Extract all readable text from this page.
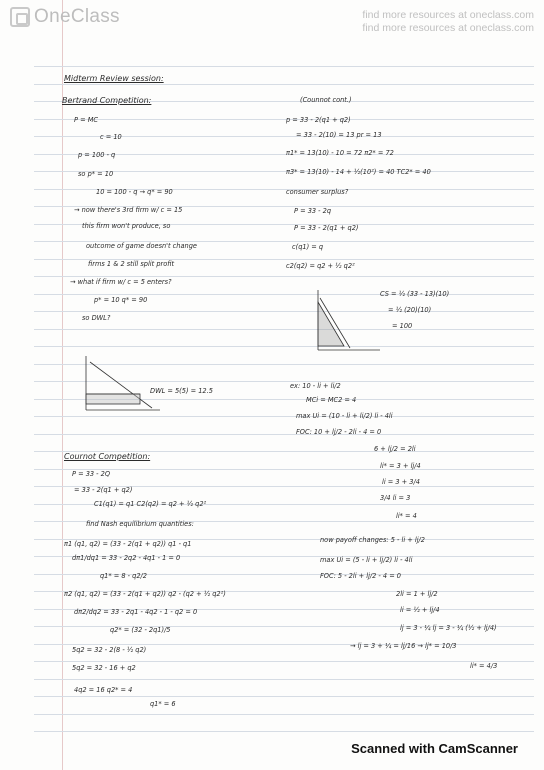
OneClass	find more resources at oneclass.com
find more resources at oneclass.com
Midterm Review session:
Bertrand Competition:	(Counnot cont.)
P = MC	p = 33 - 2(q1 + q2)
c = 10	= 33 - 2(10) = 13 pr = 13
p = 100 - q	π1* = 13(10) - 10 = 72 π2* = 72
so p* = 10	π3* = 13(10) - 14 + ½(10²) = 40 TC2* = 40
10 = 100 - q → q* = 90	consumer surplus?
→ now there's 3rd firm w/ c = 15	P = 33 - 2q
this firm won't produce, so	P = 33 - 2(q1 + q2)
outcome of game doesn't change	c(q1) = q
firms 1 & 2 still split profit	c2(q2) = q2 + ½ q2²
→ what if firm w/ c = 5 enters?
CS = ½ (33 - 13)(10)
p* = 10 q* = 90
= ½ (20)(10)
so DWL?
= 100
DWL = 5(5) = 12.5
ex: 10 - li + li/2
MCi = MC2 = 4
max Ui = (10 - li + li/2) li - 4li
FOC: 10 + lj/2 - 2li - 4 = 0
Cournot Competition:
6 + lj/2 = 2li
P = 33 - 2Q
li* = 3 + lj/4
= 33 - 2(q1 + q2)
li = 3 + 3/4
C1(q1) = q1 C2(q2) = q2 + ½ q2²
3/4 li = 3
find Nash equilibrium quantities:
li* = 4
π1 (q1, q2) = (33 - 2(q1 + q2)) q1 - q1	now payoff changes: 5 - li + lj/2
dπ1/dq1 = 33 - 2q2 - 4q1 - 1 = 0	max Ui = (5 - li + lj/2) li - 4li
q1* = 8 - q2/2	FOC: 5 - 2li + lj/2 - 4 = 0
π2 (q1, q2) = (33 - 2(q1 + q2)) q2 - (q2 + ½ q2²)	2li = 1 + lj/2
dπ2/dq2 = 33 - 2q1 - 4q2 - 1 - q2 = 0	li = ½ + lj/4
q2* = (32 - 2q1)/5	lj = 3 - ¼ lj = 3 - ¼ (½ + lj/4)
5q2 = 32 - 2(8 - ½ q2)	→ lj = 3 + ¼ = lj/16 → lj* = 10/3
5q2 = 32 - 16 + q2	li* = 4/3
4q2 = 16 q2* = 4
q1* = 6
Scanned with CamScanner
